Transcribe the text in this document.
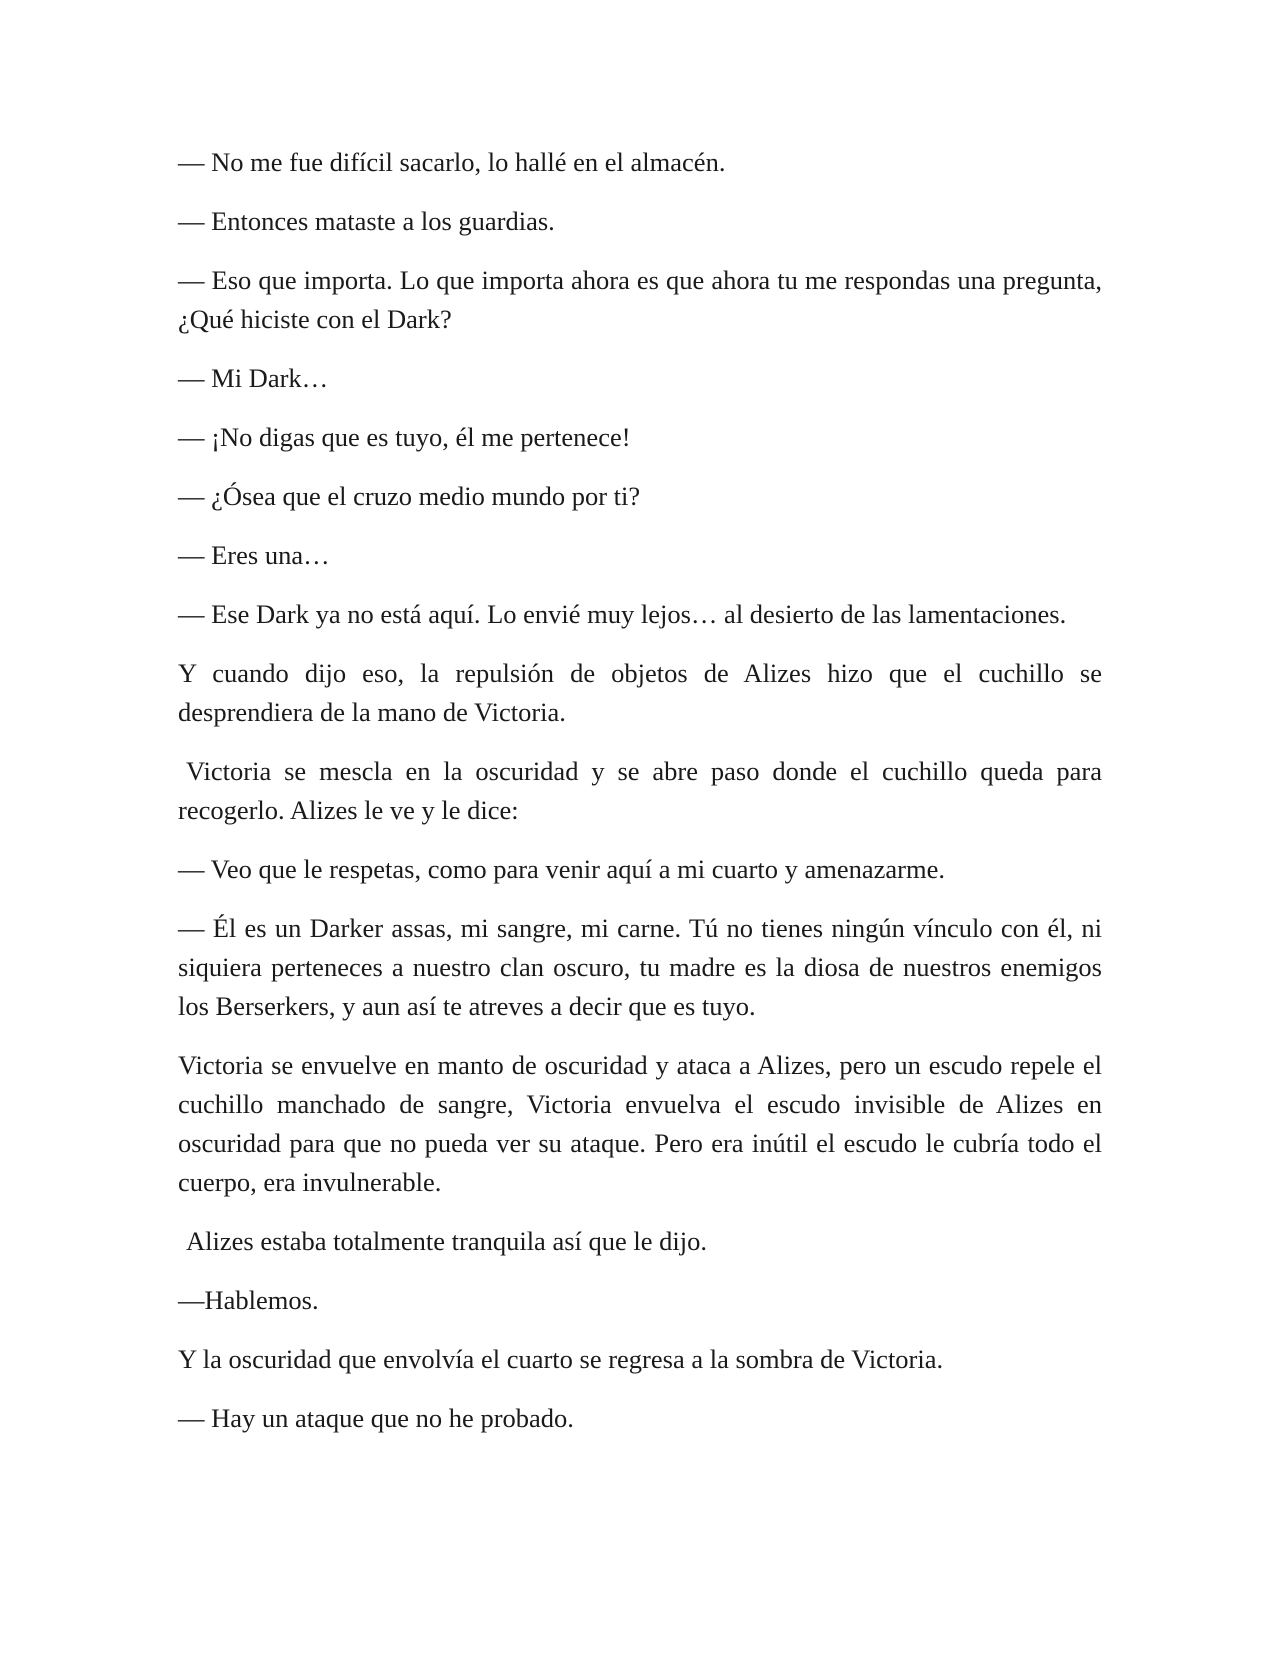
— No me fue difícil sacarlo, lo hallé en el almacén.

— Entonces mataste a los guardias.

— Eso que importa. Lo que importa ahora es que ahora tu me respondas una pregunta, ¿Qué hiciste con el Dark?

— Mi Dark…

— ¡No digas que es tuyo, él me pertenece!

— ¿Ósea que el cruzo medio mundo por ti?

— Eres una…

— Ese Dark ya no está aquí. Lo envié muy lejos… al desierto de las lamentaciones.

Y cuando dijo eso, la repulsión de objetos de Alizes hizo que el cuchillo se desprendiera de la mano de Victoria.

Victoria se mescla en la oscuridad y se abre paso donde el cuchillo queda para recogerlo. Alizes le ve y le dice:

— Veo que le respetas, como para venir aquí a mi cuarto y amenazarme.

— Él es un Darker assas, mi sangre, mi carne. Tú no tienes ningún vínculo con él, ni siquiera perteneces a nuestro clan oscuro, tu madre es la diosa de nuestros enemigos los Berserkers, y aun así te atreves a decir que es tuyo.

Victoria se envuelve en manto de oscuridad y ataca a Alizes, pero un escudo repele el cuchillo manchado de sangre, Victoria envuelva el escudo invisible de Alizes en oscuridad para que no pueda ver su ataque. Pero era inútil el escudo le cubría todo el cuerpo, era invulnerable.

Alizes estaba totalmente tranquila así que le dijo.

—Hablemos.

Y la oscuridad que envolvía el cuarto se regresa a la sombra de Victoria.

— Hay un ataque que no he probado.
